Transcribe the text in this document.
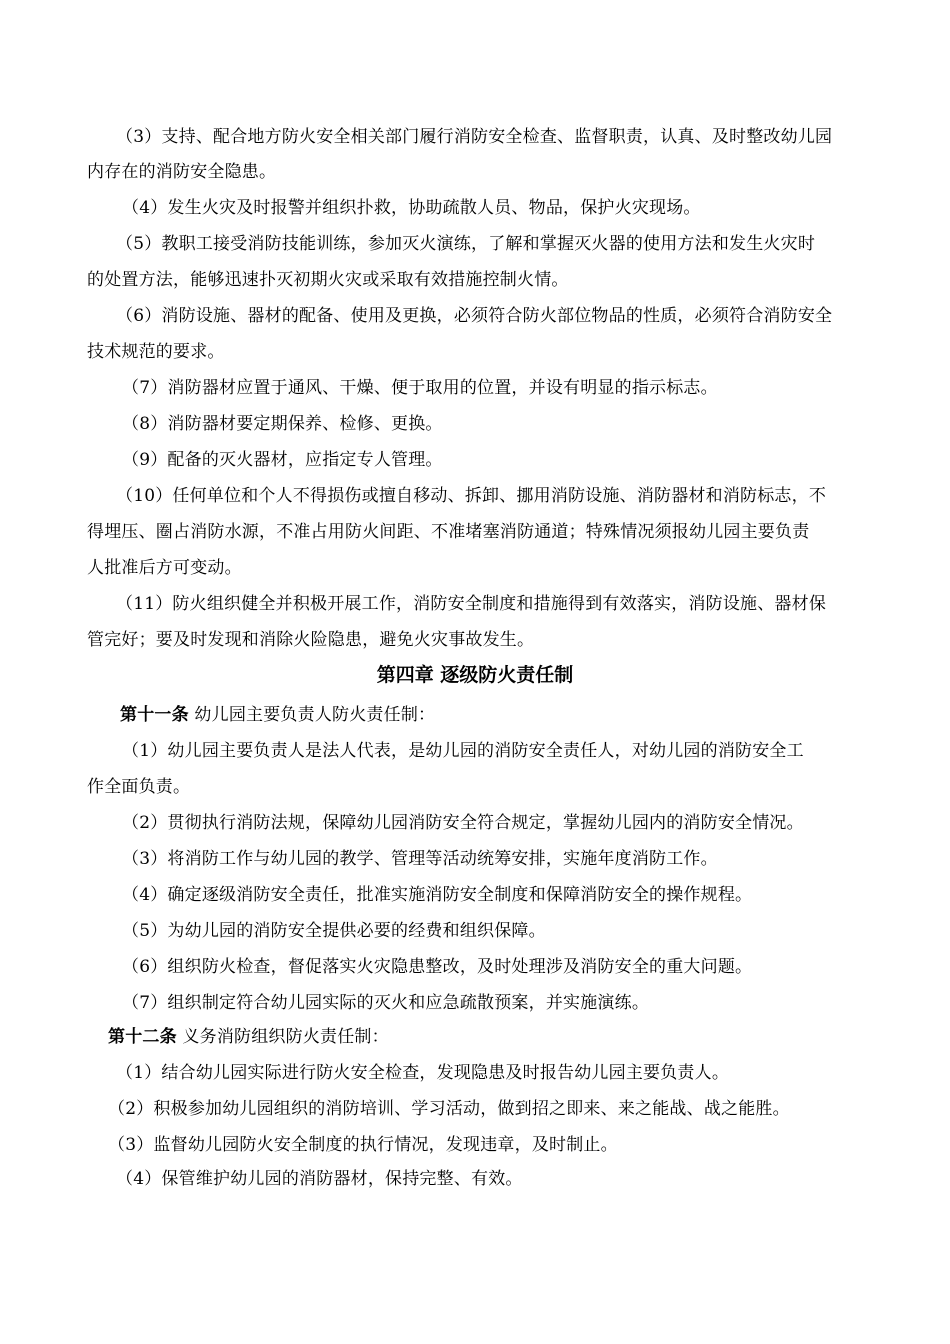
（3）支持、配合地方防火安全相关部门履行消防安全检查、监督职责，认真、及时整改幼儿园
内存在的消防安全隐患。
（4）发生火灾及时报警并组织扑救，协助疏散人员、物品，保护火灾现场。
（5）教职工接受消防技能训练，参加灭火演练，了解和掌握灭火器的使用方法和发生火灾时
的处置方法，能够迅速扑灭初期火灾或采取有效措施控制火情。
（6）消防设施、器材的配备、使用及更换，必须符合防火部位物品的性质，必须符合消防安全
技术规范的要求。
（7）消防器材应置于通风、干燥、便于取用的位置，并设有明显的指示标志。
（8）消防器材要定期保养、检修、更换。
（9）配备的灭火器材，应指定专人管理。
（10）任何单位和个人不得损伤或擅自移动、拆卸、挪用消防设施、消防器材和消防标志，不
得埋压、圈占消防水源，不准占用防火间距、不准堵塞消防通道；特殊情况须报幼儿园主要负责
人批准后方可变动。
（11）防火组织健全并积极开展工作，消防安全制度和措施得到有效落实，消防设施、器材保
管完好；要及时发现和消除火险隐患，避免火灾事故发生。
第四章 逐级防火责任制
第十一条 幼儿园主要负责人防火责任制：
（1）幼儿园主要负责人是法人代表，是幼儿园的消防安全责任人，对幼儿园的消防安全工
作全面负责。
（2）贯彻执行消防法规，保障幼儿园消防安全符合规定，掌握幼儿园内的消防安全情况。
（3）将消防工作与幼儿园的教学、管理等活动统筹安排，实施年度消防工作。
（4）确定逐级消防安全责任，批准实施消防安全制度和保障消防安全的操作规程。
（5）为幼儿园的消防安全提供必要的经费和组织保障。
（6）组织防火检查，督促落实火灾隐患整改，及时处理涉及消防安全的重大问题。
（7）组织制定符合幼儿园实际的灭火和应急疏散预案，并实施演练。
第十二条 义务消防组织防火责任制：
（1）结合幼儿园实际进行防火安全检查，发现隐患及时报告幼儿园主要负责人。
（2）积极参加幼儿园组织的消防培训、学习活动，做到招之即来、来之能战、战之能胜。
（3）监督幼儿园防火安全制度的执行情况，发现违章，及时制止。
（4）保管维护幼儿园的消防器材，保持完整、有效。
